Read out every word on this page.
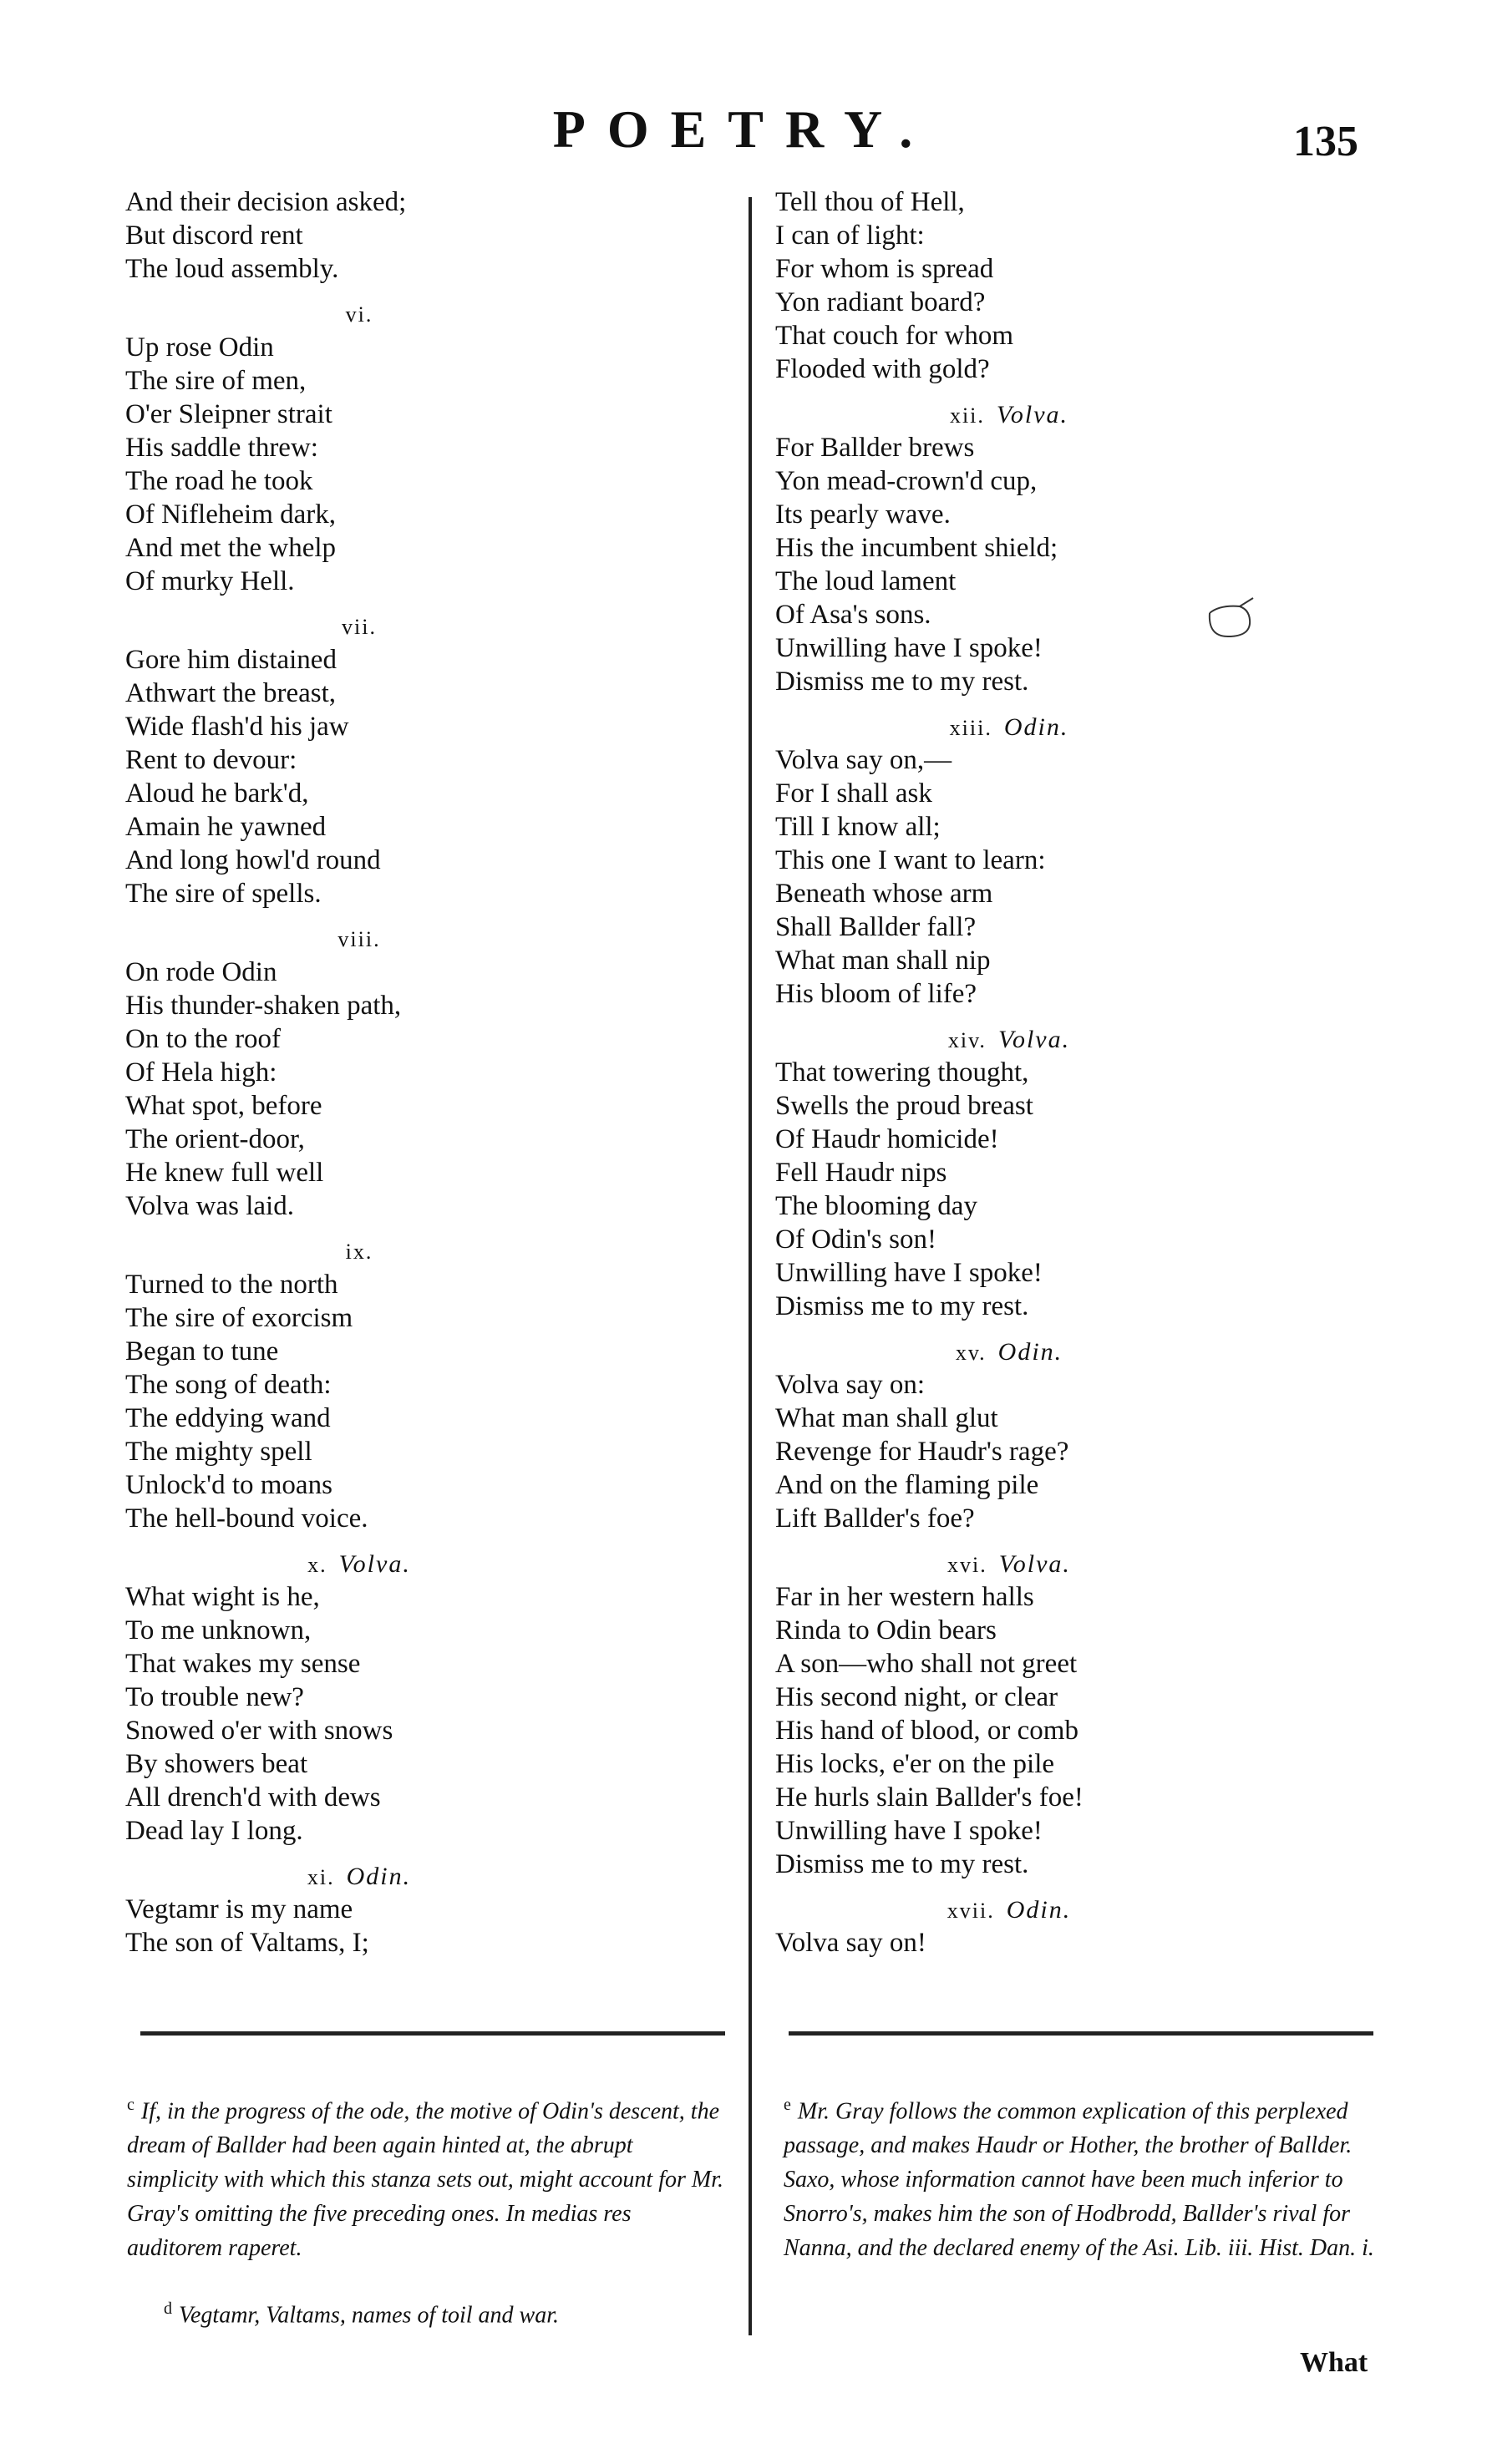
POETRY.	135
And their decision asked;
But discord rent
The loud assembly.
vi.
Up rose Odin
The sire of men,
O'er Sleipner strait
His saddle threw:
The road he took
Of Nifleheim dark,
And met the whelp
Of murky Hell.
vii.
Gore him distained
Athwart the breast,
Wide flash'd his jaw
Rent to devour:
Aloud he bark'd,
Amain he yawned
And long howl'd round
The sire of spells.
viii.
On rode Odin
His thunder-shaken path,
On to the roof
Of Hela high:
What spot, before
The orient-door,
He knew full well
Volva was laid.
ix.
Turned to the north
The sire of exorcism
Began to tune
The song of death:
The eddying wand
The mighty spell
Unlock'd to moans
The hell-bound voice.
x. Volva.
What wight is he,
To me unknown,
That wakes my sense
To trouble new?
Snowed o'er with snows
By showers beat
All drench'd with dews
Dead lay I long.
xi. Odin.
Vegtamr is my name
The son of Valtams, I;
Tell thou of Hell,
I can of light:
For whom is spread
Yon radiant board?
That couch for whom
Flooded with gold?
xii. Volva.
For Ballder brews
Yon mead-crown'd cup,
Its pearly wave.
His the incumbent shield;
The loud lament
Of Asa's sons.
Unwilling have I spoke!
Dismiss me to my rest.
xiii. Odin.
Volva say on,—
For I shall ask
Till I know all;
This one I want to learn:
Beneath whose arm
Shall Ballder fall?
What man shall nip
His bloom of life?
xiv. Volva.
That towering thought,
Swells the proud breast
Of Haudr homicide!
Fell Haudr nips
The blooming day
Of Odin's son!
Unwilling have I spoke!
Dismiss me to my rest.
xv. Odin.
Volva say on:
What man shall glut
Revenge for Haudr's rage?
And on the flaming pile
Lift Ballder's foe?
xvi. Volva.
Far in her western halls
Rinda to Odin bears
A son—who shall not greet
His second night, or clear
His hand of blood, or comb
His locks, e'er on the pile
He hurls slain Ballder's foe!
Unwilling have I spoke!
Dismiss me to my rest.
xvii. Odin.
Volva say on!
$^c$ If, in the progress of the ode, the motive of Odin's descent, the dream of Ballder had been again hinted at, the abrupt simplicity with which this stanza sets out, might account for Mr. Gray's omitting the five preceding ones. In medias res auditorem raperet.
$^d$ Vegtamr, Valtams, names of toil and war.
$^e$ Mr. Gray follows the common explication of this perplexed passage, and makes Haudr or Hother, the brother of Ballder. Saxo, whose information cannot have been much inferior to Snorro's, makes him the son of Hodbrodd, Ballder's rival for Nanna, and the declared enemy of the Asi. Lib. iii. Hist. Dan. i.
What
